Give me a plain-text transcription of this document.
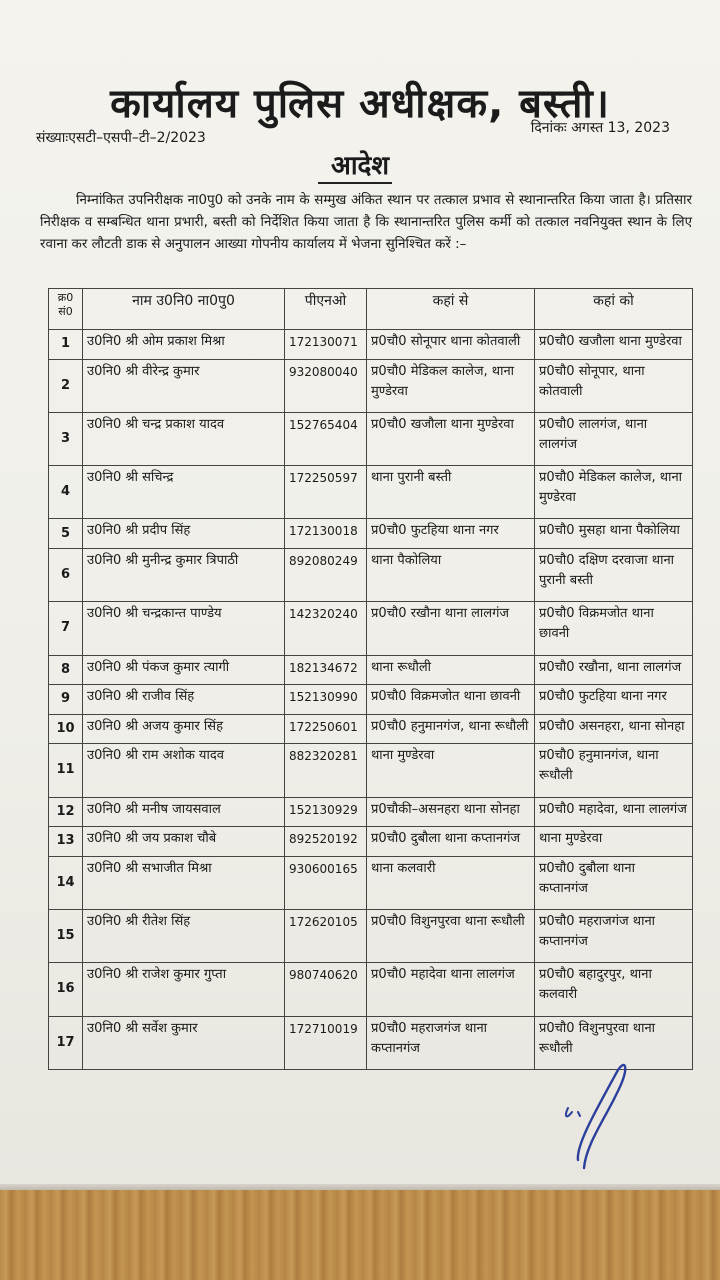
कार्यालय पुलिस अधीक्षक, बस्ती।
संख्याःएसटी–एसपी–टी–2/2023
दिनांकः अगस्त 13, 2023
आदेश
निम्नांकित उपनिरीक्षक ना0पु0 को उनके नाम के सम्मुख अंकित स्थान पर तत्काल प्रभाव से स्थानान्तरित किया जाता है। प्रतिसार निरीक्षक व सम्बन्धित थाना प्रभारी, बस्ती को निर्देशित किया जाता है कि स्थानान्तरित पुलिस कर्मी को तत्काल नवनियुक्त स्थान के लिए रवाना कर लौटती डाक से अनुपालन आख्या गोपनीय कार्यालय में भेजना सुनिश्चित करें :–
क्र0 सं0	नाम उ0नि0 ना0पु0	पीएनओ	कहां से	कहां को
1	उ0नि0 श्री ओम प्रकाश मिश्रा	172130071	प्र0चौ0 सोनूपार थाना कोतवाली	प्र0चौ0 खजौला थाना मुण्डेरवा
2	उ0नि0 श्री वीरेन्द्र कुमार	932080040	प्र0चौ0 मेडिकल कालेज, थाना मुण्डेरवा	प्र0चौ0 सोनूपार, थाना कोतवाली
3	उ0नि0 श्री चन्द्र प्रकाश यादव	152765404	प्र0चौ0 खजौला थाना मुण्डेरवा	प्र0चौ0 लालगंज, थाना लालगंज
4	उ0नि0 श्री सचिन्द्र	172250597	थाना पुरानी बस्ती	प्र0चौ0 मेडिकल कालेज, थाना मुण्डेरवा
5	उ0नि0 श्री प्रदीप सिंह	172130018	प्र0चौ0 फुटहिया थाना नगर	प्र0चौ0 मुसहा थाना पैकोलिया
6	उ0नि0 श्री मुनीन्द्र कुमार त्रिपाठी	892080249	थाना पैकोलिया	प्र0चौ0 दक्षिण दरवाजा थाना पुरानी बस्ती
7	उ0नि0 श्री चन्द्रकान्त पाण्डेय	142320240	प्र0चौ0 रखौना थाना लालगंज	प्र0चौ0 विक्रमजोत थाना छावनी
8	उ0नि0 श्री पंकज कुमार त्यागी	182134672	थाना रूधौली	प्र0चौ0 रखौना, थाना लालगंज
9	उ0नि0 श्री राजीव सिंह	152130990	प्र0चौ0 विक्रमजोत थाना छावनी	प्र0चौ0 फुटहिया थाना नगर
10	उ0नि0 श्री अजय कुमार सिंह	172250601	प्र0चौ0 हनुमानगंज, थाना रूधौली	प्र0चौ0 असनहरा, थाना सोनहा
11	उ0नि0 श्री राम अशोक यादव	882320281	थाना मुण्डेरवा	प्र0चौ0 हनुमानगंज, थाना रूधौली
12	उ0नि0 श्री मनीष जायसवाल	152130929	प्र0चौकी–असनहरा थाना सोनहा	प्र0चौ0 महादेवा, थाना लालगंज
13	उ0नि0 श्री जय प्रकाश चौबे	892520192	प्र0चौ0 दुबौला थाना कप्तानगंज	थाना मुण्डेरवा
14	उ0नि0 श्री सभाजीत मिश्रा	930600165	थाना कलवारी	प्र0चौ0 दुबौला थाना कप्तानगंज
15	उ0नि0 श्री रीतेश सिंह	172620105	प्र0चौ0 विशुनपुरवा थाना रूधौली	प्र0चौ0 महराजगंज थाना कप्तानगंज
16	उ0नि0 श्री राजेश कुमार गुप्ता	980740620	प्र0चौ0 महादेवा थाना लालगंज	प्र0चौ0 बहादुरपुर, थाना कलवारी
17	उ0नि0 श्री सर्वेश कुमार	172710019	प्र0चौ0 महराजगंज थाना कप्तानगंज	प्र0चौ0 विशुनपुरवा थाना रूधौली
